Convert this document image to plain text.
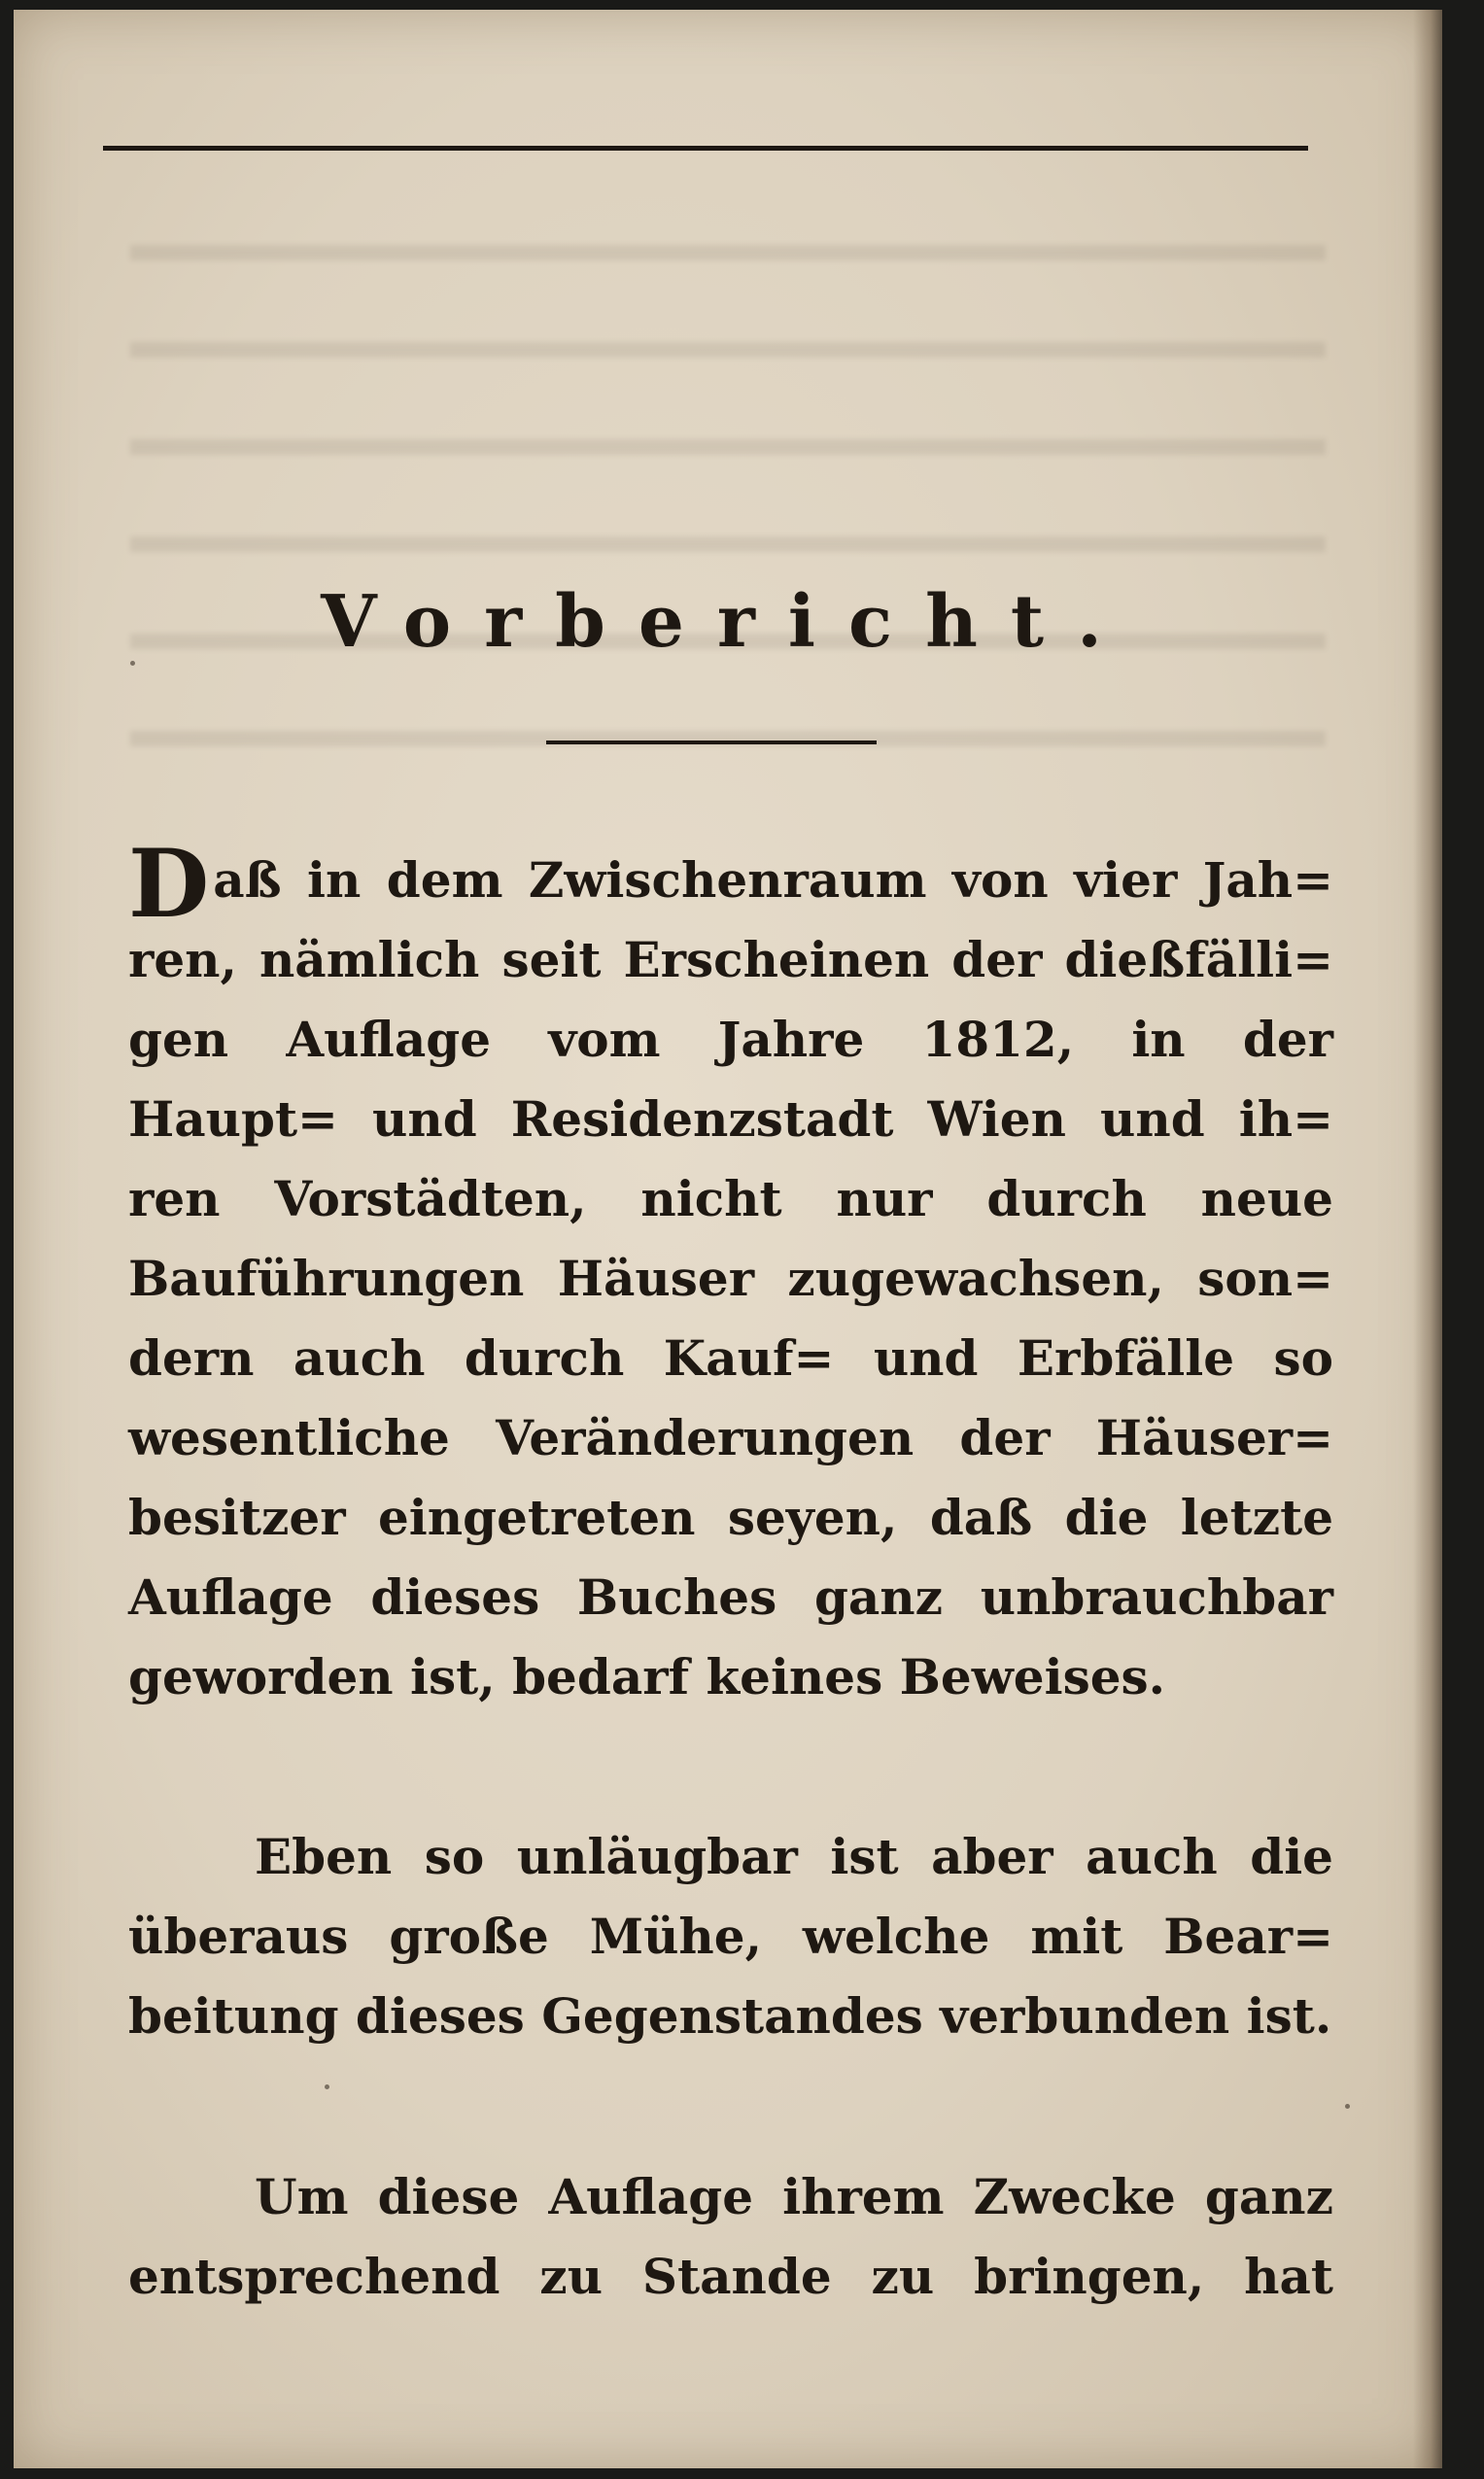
Vorbericht.
Daß in dem Zwischenraum von vier Jah=
ren, nämlich seit Erscheinen der dießfälli=
gen Auflage vom Jahre 1812, in der
Haupt= und Residenzstadt Wien und ih=
ren Vorstädten, nicht nur durch neue
Bauführungen Häuser zugewachsen, son=
dern auch durch Kauf= und Erbfälle so
wesentliche Veränderungen der Häuser=
besitzer eingetreten seyen, daß die letzte
Auflage dieses Buches ganz unbrauchbar
geworden ist, bedarf keines Beweises.
Eben so unläugbar ist aber auch die
überaus große Mühe, welche mit Bear=
beitung dieses Gegenstandes verbunden ist.
Um diese Auflage ihrem Zwecke ganz
entsprechend zu Stande zu bringen, hat
